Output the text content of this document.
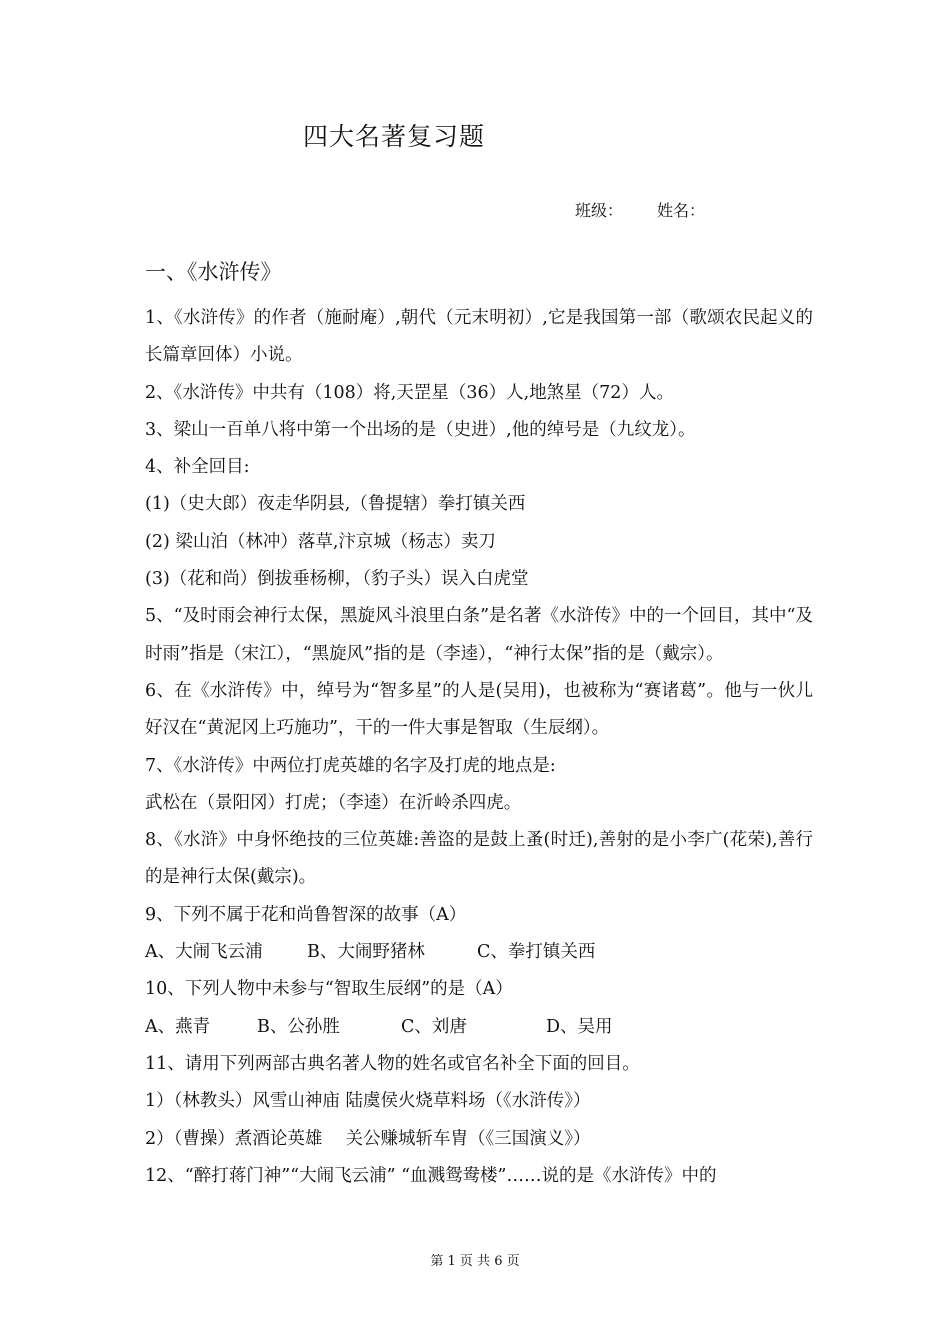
四大名著复习题
班级： 姓名：
一、《水浒传》

1、《水浒传》的作者（施耐庵）,朝代（元末明初）,它是我国第一部（歌颂农民起义的长篇章回体）小说。

2、《水浒传》中共有（108）将,天罡星（36）人,地煞星（72）人。

3、梁山一百单八将中第一个出场的是（史进）,他的绰号是（九纹龙）。

4、补全回目:

(1)（史大郎）夜走华阴县,（鲁提辖）拳打镇关西

(2) 梁山泊（林冲）落草,汴京城（杨志）卖刀

(3)（花和尚）倒拔垂杨柳，（豹子头）误入白虎堂

5、“及时雨会神行太保，黑旋风斗浪里白条”是名著《水浒传》中的一个回目，其中“及时雨”指是（宋江），“黑旋风”指的是（李逵），“神行太保”指的是（戴宗）。

6、在《水浒传》中，绰号为“智多星”的人是(吴用)，也被称为“赛诸葛”。他与一伙儿好汉在“黄泥冈上巧施功”，干的一件大事是智取（生辰纲）。

7、《水浒传》中两位打虎英雄的名字及打虎的地点是:

武松在（景阳冈）打虎；（李逵）在沂岭杀四虎。

8、《水浒》中身怀绝技的三位英雄:善盗的是鼓上蚤(时迁),善射的是小李广(花荣),善行的是神行太保(戴宗)。

9、下列不属于花和尚鲁智深的故事（A）

A、大闹飞云浦	B、大闹野猪林	C、拳打镇关西

10、下列人物中未参与“智取生辰纲”的是（A）

A、燕青	B、公孙胜	C、刘唐	D、吴用

11、请用下列两部古典名著人物的姓名或官名补全下面的回目。

1）（林教头）风雪山神庙 陆虞侯火烧草料场（《水浒传》）

2）（曹操）煮酒论英雄　 关公赚城斩车胄（《三国演义》）

12、“醉打蒋门神”“大闹飞云浦” “血溅鸳鸯楼”……说的是《水浒传》中的

第 1 页 共 6 页
